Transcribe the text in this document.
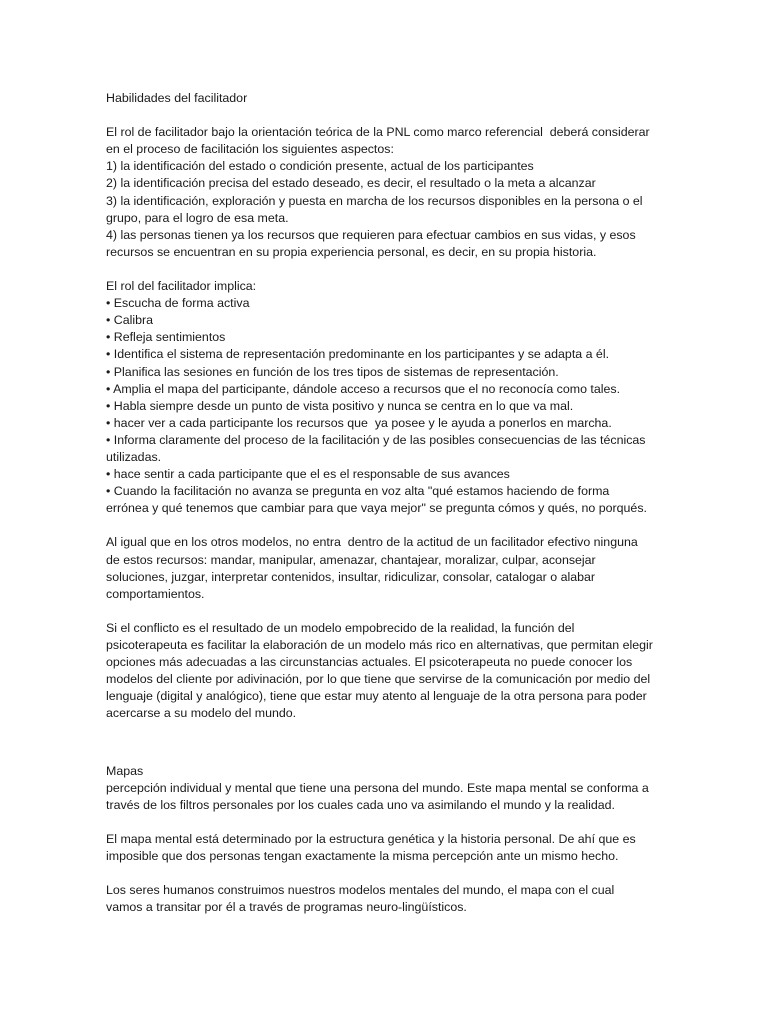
Habilidades del facilitador
El rol de facilitador bajo la orientación teórica de la PNL como marco referencial  deberá considerar
en el proceso de facilitación los siguientes aspectos:
1) la identificación del estado o condición presente, actual de los participantes
2) la identificación precisa del estado deseado, es decir, el resultado o la meta a alcanzar
3) la identificación, exploración y puesta en marcha de los recursos disponibles en la persona o el
grupo, para el logro de esa meta.
4) las personas tienen ya los recursos que requieren para efectuar cambios en sus vidas, y esos
recursos se encuentran en su propia experiencia personal, es decir, en su propia historia.
El rol del facilitador implica:
• Escucha de forma activa
• Calibra
• Refleja sentimientos
• Identifica el sistema de representación predominante en los participantes y se adapta a él.
• Planifica las sesiones en función de los tres tipos de sistemas de representación.
• Amplia el mapa del participante, dándole acceso a recursos que el no reconocía como tales.
• Habla siempre desde un punto de vista positivo y nunca se centra en lo que va mal.
• hacer ver a cada participante los recursos que  ya posee y le ayuda a ponerlos en marcha.
• Informa claramente del proceso de la facilitación y de las posibles consecuencias de las técnicas
utilizadas.
• hace sentir a cada participante que el es el responsable de sus avances
• Cuando la facilitación no avanza se pregunta en voz alta "qué estamos haciendo de forma
errónea y qué tenemos que cambiar para que vaya mejor" se pregunta cómos y qués, no porqués.
Al igual que en los otros modelos, no entra  dentro de la actitud de un facilitador efectivo ninguna
de estos recursos: mandar, manipular, amenazar, chantajear, moralizar, culpar, aconsejar
soluciones, juzgar, interpretar contenidos, insultar, ridiculizar, consolar, catalogar o alabar
comportamientos.
Si el conflicto es el resultado de un modelo empobrecido de la realidad, la función del
psicoterapeuta es facilitar la elaboración de un modelo más rico en alternativas, que permitan elegir
opciones más adecuadas a las circunstancias actuales. El psicoterapeuta no puede conocer los
modelos del cliente por adivinación, por lo que tiene que servirse de la comunicación por medio del
lenguaje (digital y analógico), tiene que estar muy atento al lenguaje de la otra persona para poder
acercarse a su modelo del mundo.
Mapas
percepción individual y mental que tiene una persona del mundo. Este mapa mental se conforma a
través de los filtros personales por los cuales cada uno va asimilando el mundo y la realidad.
El mapa mental está determinado por la estructura genética y la historia personal. De ahí que es
imposible que dos personas tengan exactamente la misma percepción ante un mismo hecho.
Los seres humanos construimos nuestros modelos mentales del mundo, el mapa con el cual
vamos a transitar por él a través de programas neuro-lingüísticos.
